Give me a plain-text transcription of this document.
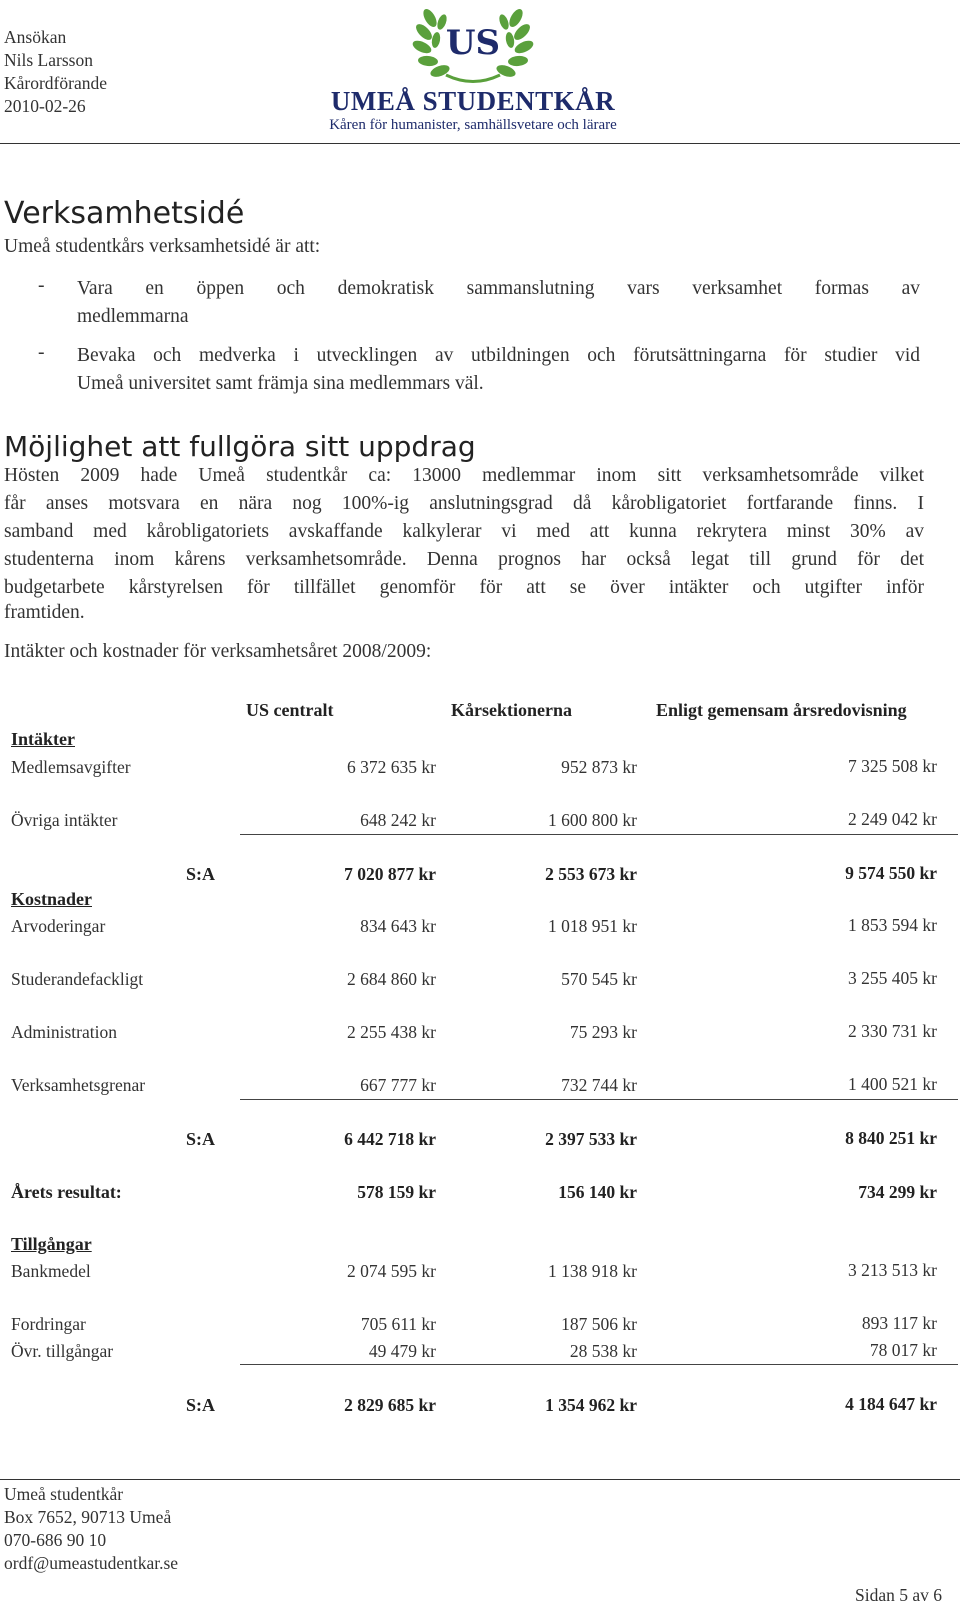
Ansökan
Nils Larsson
Kårordförande
2010-02-26
US
UMEÅ STUDENTKÅR
Kåren för humanister, samhällsvetare och lärare
Verksamhetsidé
Umeå studentkårs verksamhetsidé är att:
- Vara en öppen och demokratisk sammanslutning vars verksamhet formas av
medlemmarna
- Bevaka och medverka i utvecklingen av utbildningen och förutsättningarna för studier vid
Umeå universitet samt främja sina medlemmars väl.
Möjlighet att fullgöra sitt uppdrag
Hösten 2009 hade Umeå studentkår ca: 13000 medlemmar inom sitt verksamhetsområde vilket
får anses motsvara en nära nog 100%-ig anslutningsgrad då kårobligatoriet fortfarande finns. I
samband med kårobligatoriets avskaffande kalkylerar vi med att kunna rekrytera minst 30% av
studenterna inom kårens verksamhetsområde. Denna prognos har också legat till grund för det
budgetarbete kårstyrelsen för tillfället genomför för att se över intäkter och utgifter inför
framtiden.
Intäkter och kostnader för verksamhetsåret 2008/2009:
US centralt	Kårsektionerna	Enligt gemensam årsredovisning
Intäkter
Medlemsavgifter	6 372 635 kr	952 873 kr	7 325 508 kr
Övriga intäkter	648 242 kr	1 600 800 kr	2 249 042 kr
S:A	7 020 877 kr	2 553 673 kr	9 574 550 kr
Kostnader
Arvoderingar	834 643 kr	1 018 951 kr	1 853 594 kr
Studerandefackligt	2 684 860 kr	570 545 kr	3 255 405 kr
Administration	2 255 438 kr	75 293 kr	2 330 731 kr
Verksamhetsgrenar	667 777 kr	732 744 kr	1 400 521 kr
S:A	6 442 718 kr	2 397 533 kr	8 840 251 kr
Årets resultat:	578 159 kr	156 140 kr	734 299 kr
Tillgångar
Bankmedel	2 074 595 kr	1 138 918 kr	3 213 513 kr
Fordringar	705 611 kr	187 506 kr	893 117 kr
Övr. tillgångar	49 479 kr	28 538 kr	78 017 kr
S:A	2 829 685 kr	1 354 962 kr	4 184 647 kr
Umeå studentkår
Box 7652, 90713 Umeå
070-686 90 10
ordf@umeastudentkar.se
Sidan 5 av 6
